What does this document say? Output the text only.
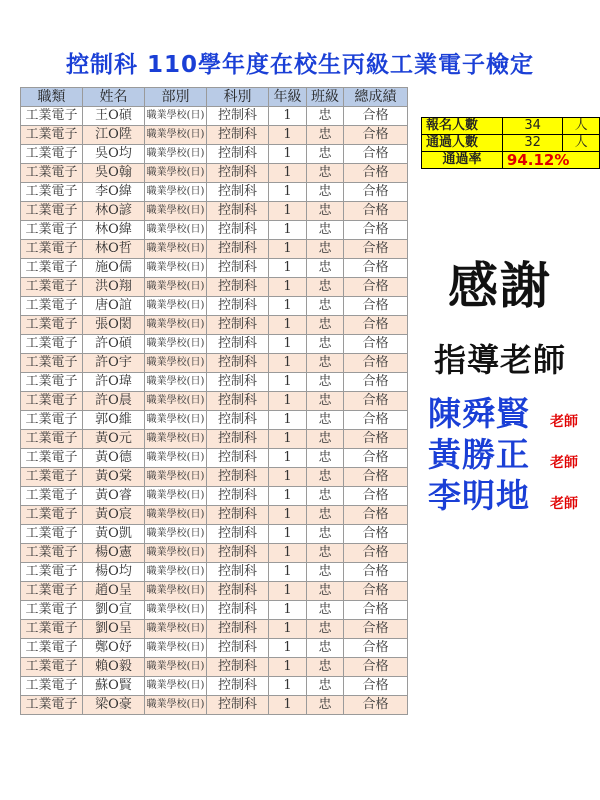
控制科 110學年度在校生丙級工業電子檢定
職類	姓名	部別	科別	年級	班級	總成績
工業電子	王O碩	職業學校(日)	控制科	1	忠	合格
工業電子	江O陞	職業學校(日)	控制科	1	忠	合格
工業電子	吳O均	職業學校(日)	控制科	1	忠	合格
工業電子	吳O翰	職業學校(日)	控制科	1	忠	合格
工業電子	李O緯	職業學校(日)	控制科	1	忠	合格
工業電子	林O諺	職業學校(日)	控制科	1	忠	合格
工業電子	林O緯	職業學校(日)	控制科	1	忠	合格
工業電子	林O哲	職業學校(日)	控制科	1	忠	合格
工業電子	施O儒	職業學校(日)	控制科	1	忠	合格
工業電子	洪O翔	職業學校(日)	控制科	1	忠	合格
工業電子	唐O誼	職業學校(日)	控制科	1	忠	合格
工業電子	張O閎	職業學校(日)	控制科	1	忠	合格
工業電子	許O碩	職業學校(日)	控制科	1	忠	合格
工業電子	許O宇	職業學校(日)	控制科	1	忠	合格
工業電子	許O瑋	職業學校(日)	控制科	1	忠	合格
工業電子	許O晨	職業學校(日)	控制科	1	忠	合格
工業電子	郭O維	職業學校(日)	控制科	1	忠	合格
工業電子	黃O元	職業學校(日)	控制科	1	忠	合格
工業電子	黃O德	職業學校(日)	控制科	1	忠	合格
工業電子	黃O棠	職業學校(日)	控制科	1	忠	合格
工業電子	黃O睿	職業學校(日)	控制科	1	忠	合格
工業電子	黃O宸	職業學校(日)	控制科	1	忠	合格
工業電子	黃O凱	職業學校(日)	控制科	1	忠	合格
工業電子	楊O憲	職業學校(日)	控制科	1	忠	合格
工業電子	楊O均	職業學校(日)	控制科	1	忠	合格
工業電子	趙O呈	職業學校(日)	控制科	1	忠	合格
工業電子	劉O宣	職業學校(日)	控制科	1	忠	合格
工業電子	劉O呈	職業學校(日)	控制科	1	忠	合格
工業電子	鄭O妤	職業學校(日)	控制科	1	忠	合格
工業電子	賴O毅	職業學校(日)	控制科	1	忠	合格
工業電子	蘇O賢	職業學校(日)	控制科	1	忠	合格
工業電子	梁O豪	職業學校(日)	控制科	1	忠	合格
報名人數	34	人
通過人數	32	人
通過率	94.12%	
感謝
指導老師
陳舜賢 老師
黃勝正 老師
李明地 老師
